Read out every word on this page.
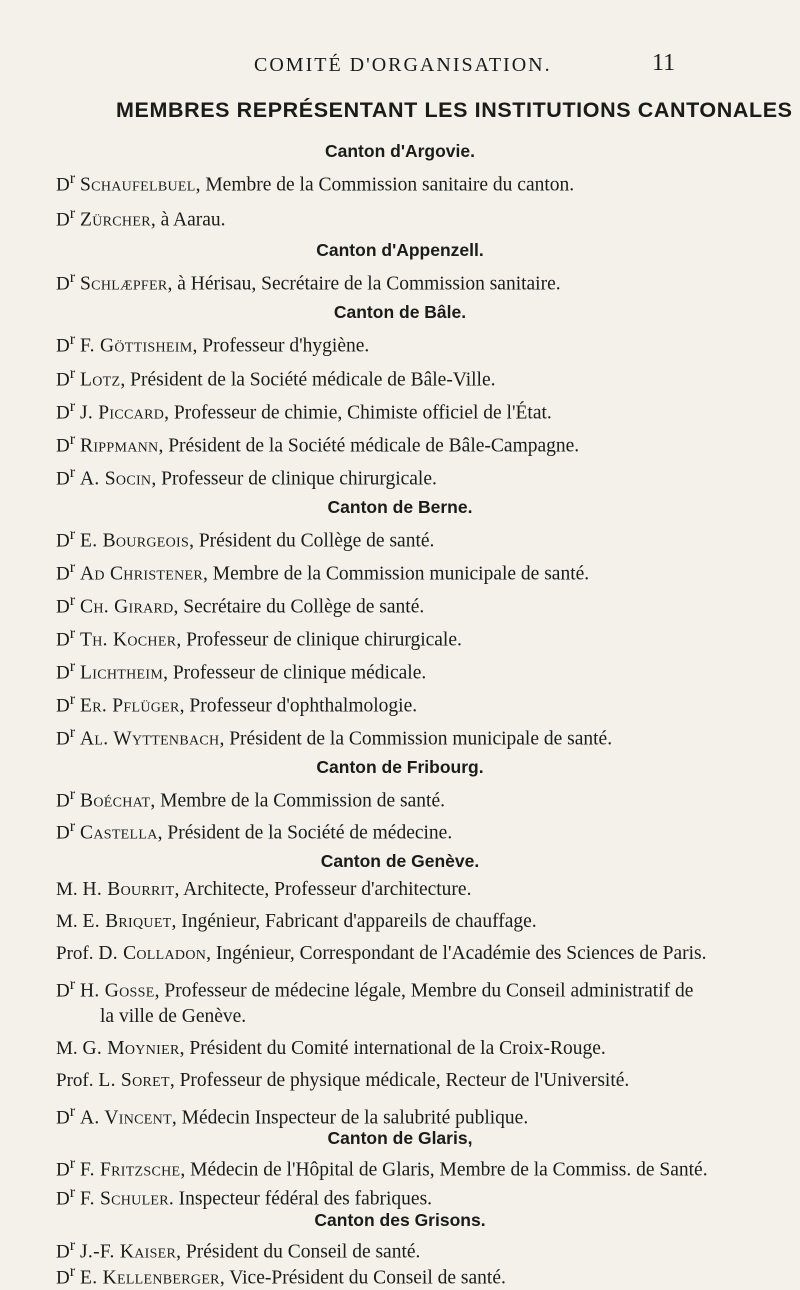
COMITÉ D'ORGANISATION.	11
MEMBRES REPRÉSENTANT LES INSTITUTIONS CANTONALES
Canton d'Argovie.
$D^r$ Schaufelbuel, Membre de la Commission sanitaire du canton.
$D^r$ Zürcher, à Aarau.
Canton d'Appenzell.
$D^r$ Schlæpfer, à Hérisau, Secrétaire de la Commission sanitaire.
Canton de Bâle.
$D^r$ F. Göttisheim, Professeur d'hygiène.
$D^r$ Lotz, Président de la Société médicale de Bâle-Ville.
$D^r$ J. Piccard, Professeur de chimie, Chimiste officiel de l'État.
$D^r$ Rippmann, Président de la Société médicale de Bâle-Campagne.
$D^r$ A. Socin, Professeur de clinique chirurgicale.
Canton de Berne.
$D^r$ E. Bourgeois, Président du Collège de santé.
$D^r$ Ad Christener, Membre de la Commission municipale de santé.
$D^r$ Ch. Girard, Secrétaire du Collège de santé.
$D^r$ Th. Kocher, Professeur de clinique chirurgicale.
$D^r$ Lichtheim, Professeur de clinique médicale.
$D^r$ Er. Pflüger, Professeur d'ophthalmologie.
$D^r$ Al. Wyttenbach, Président de la Commission municipale de santé.
Canton de Fribourg.
$D^r$ Boéchat, Membre de la Commission de santé.
$D^r$ Castella, Président de la Société de médecine.
Canton de Genève.
M. H. Bourrit, Architecte, Professeur d'architecture.
M. E. Briquet, Ingénieur, Fabricant d'appareils de chauffage.
Prof. D. Colladon, Ingénieur, Correspondant de l'Académie des Sciences de Paris.
$D^r$ H. Gosse, Professeur de médecine légale, Membre du Conseil administratif de
la ville de Genève.
M. G. Moynier, Président du Comité international de la Croix-Rouge.
Prof. L. Soret, Professeur de physique médicale, Recteur de l'Université.
$D^r$ A. Vincent, Médecin Inspecteur de la salubrité publique.
Canton de Glaris,
$D^r$ F. Fritzsche, Médecin de l'Hôpital de Glaris, Membre de la Commiss. de Santé.
$D^r$ F. Schuler. Inspecteur fédéral des fabriques.
Canton des Grisons.
$D^r$ J.-F. Kaiser, Président du Conseil de santé.
$D^r$ E. Kellenberger, Vice-Président du Conseil de santé.
